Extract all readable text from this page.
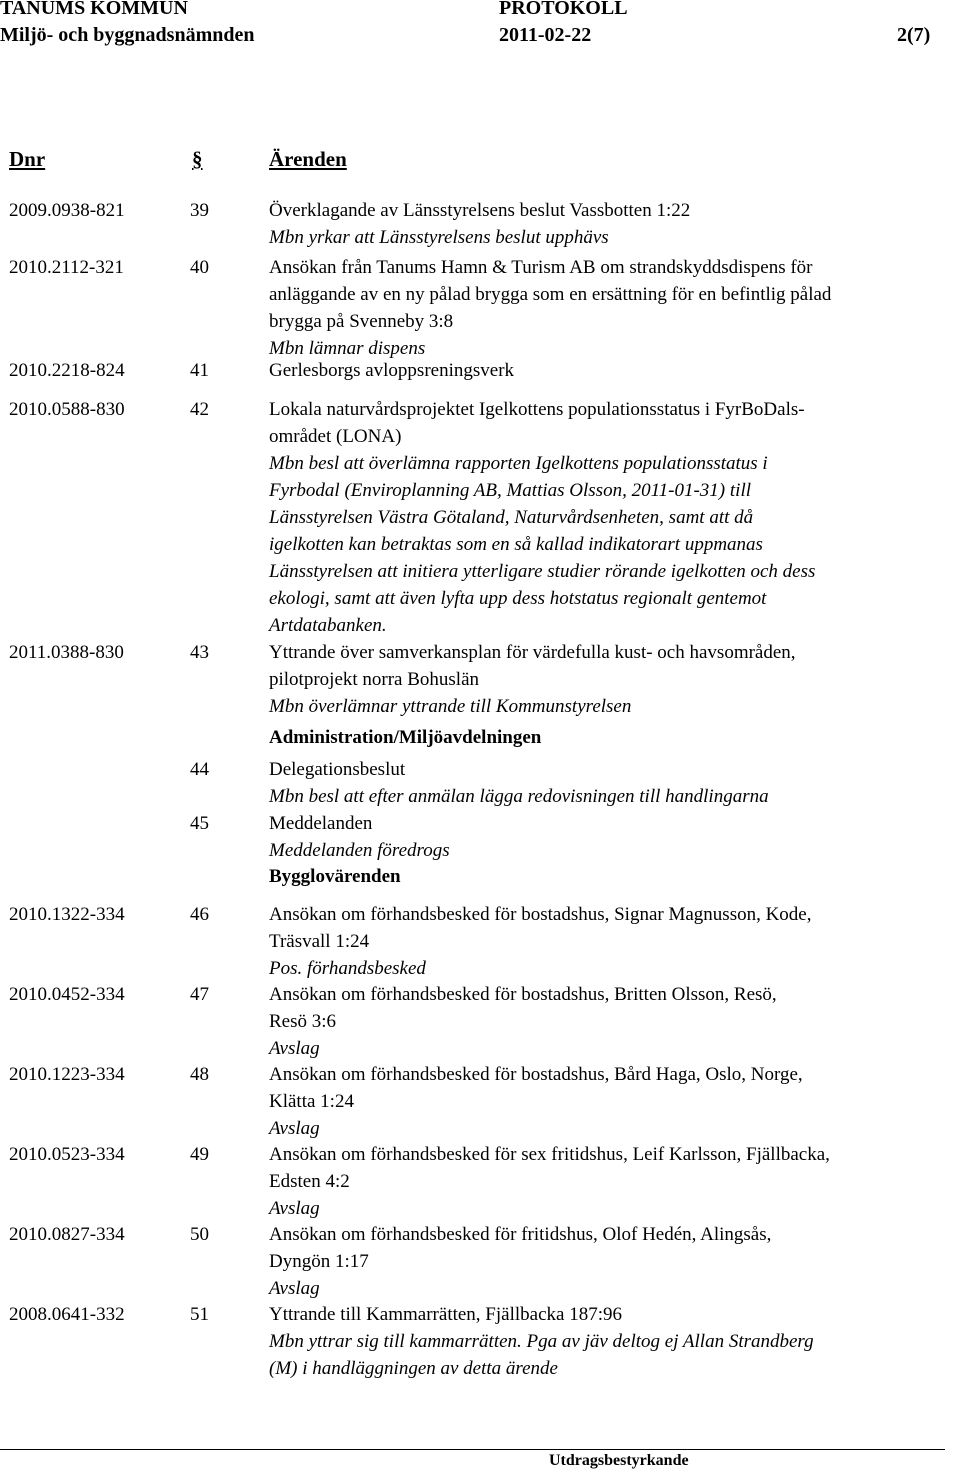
TANUMS KOMMUN	PROTOKOLL
Miljö- och byggnadsnämnden	2011-02-22	2(7)
Dnr	§	Ärenden
2009.0938-821	39	Överklagande av Länsstyrelsens beslut Vassbotten 1:22
Mbn yrkar att Länsstyrelsens beslut upphävs
2010.2112-321	40	Ansökan från Tanums Hamn & Turism AB om strandskyddsdispens för
anläggande av en ny pålad brygga som en ersättning för en befintlig pålad
brygga på Svenneby 3:8
Mbn lämnar dispens
2010.2218-824	41	Gerlesborgs avloppsreningsverk
2010.0588-830	42	Lokala naturvårdsprojektet Igelkottens populationsstatus i FyrBoDals-
området (LONA)
Mbn besl att överlämna rapporten Igelkottens populationsstatus i
Fyrbodal (Enviroplanning AB, Mattias Olsson, 2011-01-31) till
Länsstyrelsen Västra Götaland, Naturvårdsenheten, samt att då
igelkotten kan betraktas som en så kallad indikatorart uppmanas
Länsstyrelsen att initiera ytterligare studier rörande igelkotten och dess
ekologi, samt att även lyfta upp dess hotstatus regionalt gentemot
Artdatabanken.
2011.0388-830	43	Yttrande över samverkansplan för värdefulla kust- och havsområden,
pilotprojekt norra Bohuslän
Mbn överlämnar yttrande till Kommunstyrelsen
Administration/Miljöavdelningen
44	Delegationsbeslut
Mbn besl att efter anmälan lägga redovisningen till handlingarna
45	Meddelanden
Meddelanden föredrogs
Bygglovärenden
2010.1322-334	46	Ansökan om förhandsbesked för bostadshus, Signar Magnusson, Kode,
Träsvall 1:24
Pos. förhandsbesked
2010.0452-334	47	Ansökan om förhandsbesked för bostadshus, Britten Olsson, Resö,
Resö 3:6
Avslag
2010.1223-334	48	Ansökan om förhandsbesked för bostadshus, Bård Haga, Oslo, Norge,
Klätta 1:24
Avslag
2010.0523-334	49	Ansökan om förhandsbesked för sex fritidshus, Leif Karlsson, Fjällbacka,
Edsten 4:2
Avslag
2010.0827-334	50	Ansökan om förhandsbesked för fritidshus, Olof Hedén, Alingsås,
Dyngön 1:17
Avslag
2008.0641-332	51	Yttrande till Kammarrätten, Fjällbacka 187:96
Mbn yttrar sig till kammarrätten. Pga av jäv deltog ej Allan Strandberg
(M) i handläggningen av detta ärende
Utdragsbestyrkande
